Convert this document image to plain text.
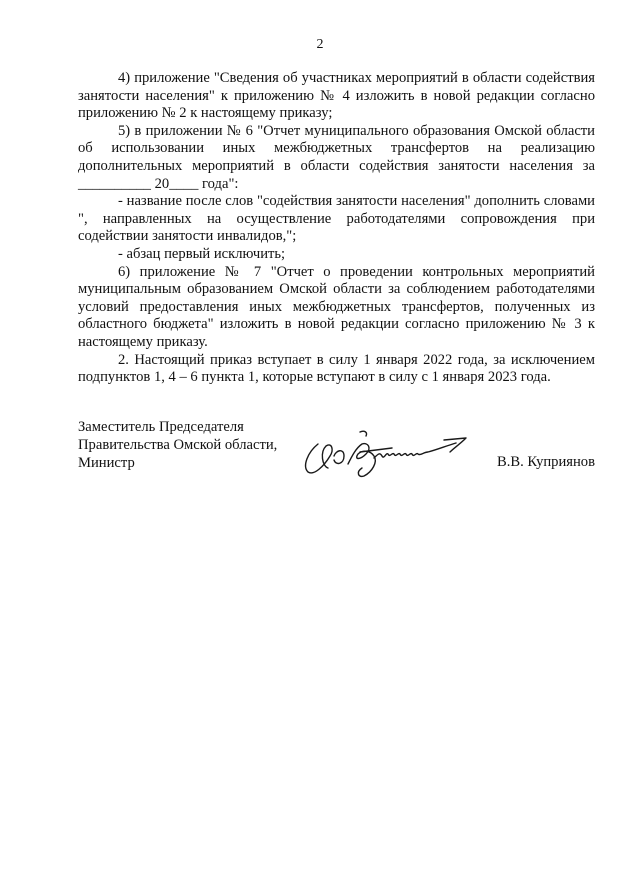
2

4) приложение "Сведения об участниках мероприятий в области содействия занятости населения" к приложению № 4 изложить в новой редакции согласно приложению № 2 к настоящему приказу;

5) в приложении № 6 "Отчет муниципального образования Омской области об использовании иных межбюджетных трансфертов на реализацию дополнительных мероприятий в области содействия занятости населения за __________ 20____ года":

- название после слов "содействия занятости населения" дополнить словами ", направленных на осуществление работодателями сопровождения при содействии занятости инвалидов,";

- абзац первый исключить;

6) приложение № 7 "Отчет о проведении контрольных мероприятий муниципальным образованием Омской области за соблюдением работодателями условий предоставления иных межбюджетных трансфертов, полученных из областного бюджета" изложить в новой редакции согласно приложению № 3 к настоящему приказу.

2. Настоящий приказ вступает в силу 1 января 2022 года, за исключением подпунктов 1, 4 – 6 пункта 1, которые вступают в силу с 1 января 2023 года.

Заместитель Председателя
Правительства Омской области,
Министр	В.В. Куприянов
